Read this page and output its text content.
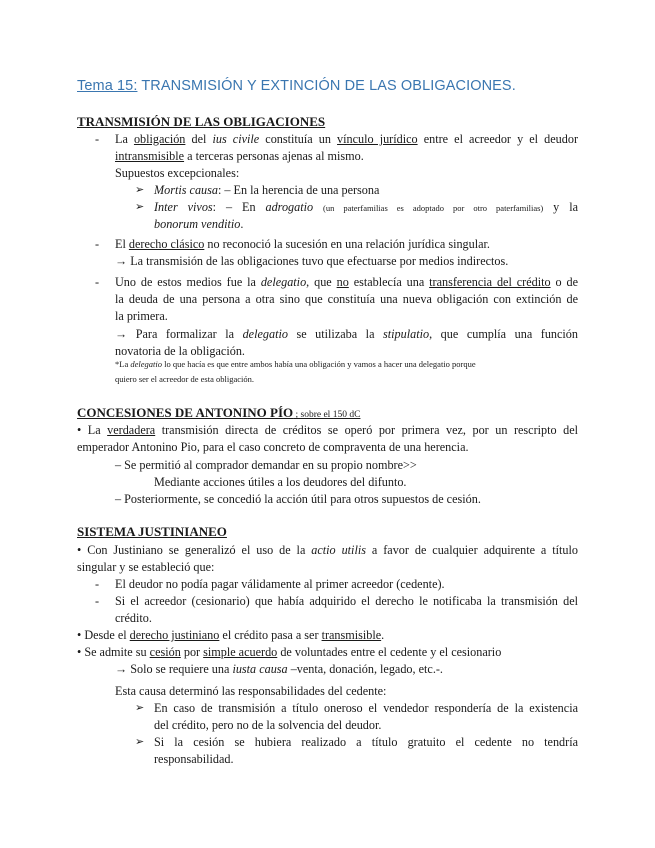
Tema 15: TRANSMISIÓN Y EXTINCIÓN DE LAS OBLIGACIONES.
TRANSMISIÓN DE LAS OBLIGACIONES
- La obligación del ius civile constituía un vínculo jurídico entre el acreedor y el deudor
intransmisible a terceras personas ajenas al mismo.
Supuestos excepcionales:
➢ Mortis causa: – En la herencia de una persona
➢ Inter vivos: – En adrogatio (un paterfamilias es adoptado por otro paterfamilias) y la
bonorum venditio.
- El derecho clásico no reconoció la sucesión en una relación jurídica singular.
→ La transmisión de las obligaciones tuvo que efectuarse por medios indirectos.
- Uno de estos medios fue la delegatio, que no establecía una transferencia del crédito o de
la deuda de una persona a otra sino que constituía una nueva obligación con extinción de
la primera.
→ Para formalizar la delegatio se utilizaba la stipulatio, que cumplía una función
novatoria de la obligación.
*La delegatio lo que hacía es que entre ambos había una obligación y vamos a hacer una delegatio porque
quiero ser el acreedor de esta obligación.
CONCESIONES DE ANTONINO PÍO ; sobre el 150 dC
• La verdadera transmisión directa de créditos se operó por primera vez, por un rescripto del
emperador Antonino Pio, para el caso concreto de compraventa de una herencia.
– Se permitió al comprador demandar en su propio nombre>>
Mediante acciones útiles a los deudores del difunto.
– Posteriormente, se concedió la acción útil para otros supuestos de cesión.
SISTEMA JUSTINIANEO
• Con Justiniano se generalizó el uso de la actio utilis a favor de cualquier adquirente a título
singular y se estableció que:
- El deudor no podía pagar válidamente al primer acreedor (cedente).
- Si el acreedor (cesionario) que había adquirido el derecho le notificaba la transmisión del
crédito.
• Desde el derecho justiniano el crédito pasa a ser transmisible.
• Se admite su cesión por simple acuerdo de voluntades entre el cedente y el cesionario
→ Solo se requiere una iusta causa –venta, donación, legado, etc.-.
Esta causa determinó las responsabilidades del cedente:
➢ En caso de transmisión a título oneroso el vendedor respondería de la existencia
del crédito, pero no de la solvencia del deudor.
➢ Si la cesión se hubiera realizado a título gratuito el cedente no tendría
responsabilidad.
